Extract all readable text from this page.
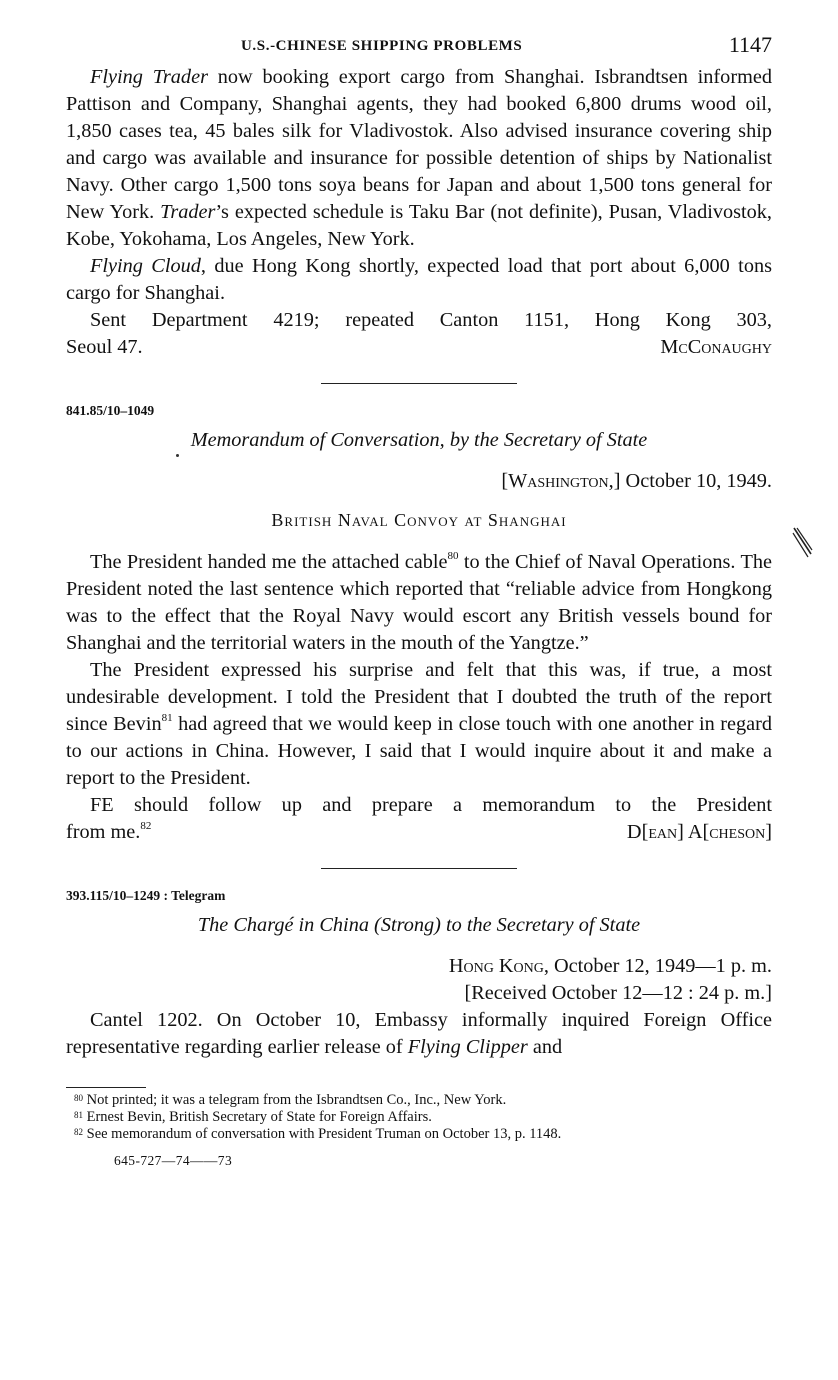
U.S.-CHINESE SHIPPING PROBLEMS	1147

Flying Trader now booking export cargo from Shanghai. Isbrandtsen informed Pattison and Company, Shanghai agents, they had booked 6,800 drums wood oil, 1,850 cases tea, 45 bales silk for Vladivostok. Also advised insurance covering ship and cargo was available and insurance for possible detention of ships by Nationalist Navy. Other cargo 1,500 tons soya beans for Japan and about 1,500 tons general for New York. Trader’s expected schedule is Taku Bar (not definite), Pusan, Vladivostok, Kobe, Yokohama, Los Angeles, New York.

Flying Cloud, due Hong Kong shortly, expected load that port about 6,000 tons cargo for Shanghai.

Sent Department 4219; repeated Canton 1151, Hong Kong 303,

Seoul 47.	McConaughy

841.85/10–1049

Memorandum of Conversation, by the Secretary of State

[Washington,] October 10, 1949.

British Naval Convoy at Shanghai

The President handed me the attached cable$^{80}$ to the Chief of Naval Operations. The President noted the last sentence which reported that “reliable advice from Hongkong was to the effect that the Royal Navy would escort any British vessels bound for Shanghai and the territorial waters in the mouth of the Yangtze.”

The President expressed his surprise and felt that this was, if true, a most undesirable development. I told the President that I doubted the truth of the report since Bevin$^{81}$ had agreed that we would keep in close touch with one another in regard to our actions in China. However, I said that I would inquire about it and make a report to the President.

FE should follow up and prepare a memorandum to the President

from me.$^{82}$	D[ean] A[cheson]

393.115/10–1249 : Telegram

The Chargé in China (Strong) to the Secretary of State

Hong Kong, October 12, 1949—1 p. m.

[Received October 12—12 : 24 p. m.]

Cantel 1202. On October 10, Embassy informally inquired Foreign Office representative regarding earlier release of Flying Clipper and

$^{80}$ Not printed; it was a telegram from the Isbrandtsen Co., Inc., New York.

$^{81}$ Ernest Bevin, British Secretary of State for Foreign Affairs.

$^{82}$ See memorandum of conversation with President Truman on October 13, p. 1148.

645-727—74——73
